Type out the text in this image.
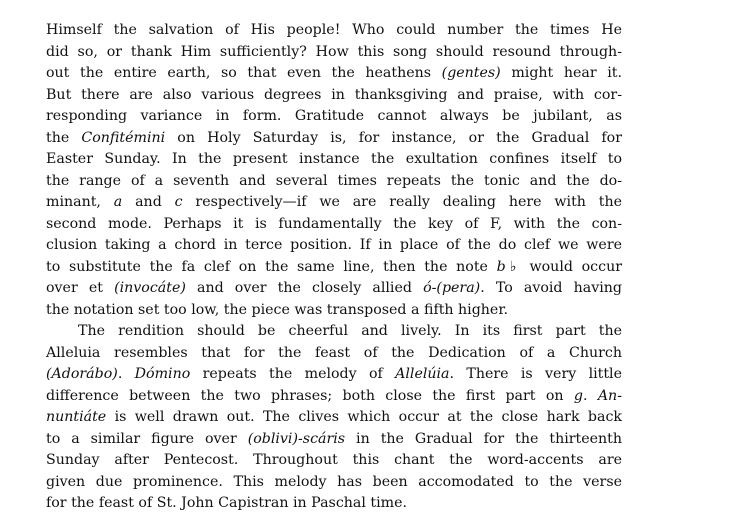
Himself the salvation of His people! Who could number the times He
did so, or thank Him sufficiently? How this song should resound through-
out the entire earth, so that even the heathens (gentes) might hear it.
But there are also various degrees in thanksgiving and praise, with cor-
responding variance in form. Gratitude cannot always be jubilant, as
the Confitémini on Holy Saturday is, for instance, or the Gradual for
Easter Sunday. In the present instance the exultation confines itself to
the range of a seventh and several times repeats the tonic and the do-
minant, a and c respectively—if we are really dealing here with the
second mode. Perhaps it is fundamentally the key of F, with the con-
clusion taking a chord in terce position. If in place of the do clef we were
to substitute the fa clef on the same line, then the note b♭ would occur
over et (invocáte) and over the closely allied ó-(pera). To avoid having
the notation set too low, the piece was transposed a fifth higher.
The rendition should be cheerful and lively. In its first part the
Alleluia resembles that for the feast of the Dedication of a Church
(Adorábo). Dómino repeats the melody of Allelúia. There is very little
difference between the two phrases; both close the first part on g. An-
nuntiáte is well drawn out. The clives which occur at the close hark back
to a similar figure over (oblivi)-scáris in the Gradual for the thirteenth
Sunday after Pentecost. Throughout this chant the word-accents are
given due prominence. This melody has been accomodated to the verse
for the feast of St. John Capistran in Paschal time.
